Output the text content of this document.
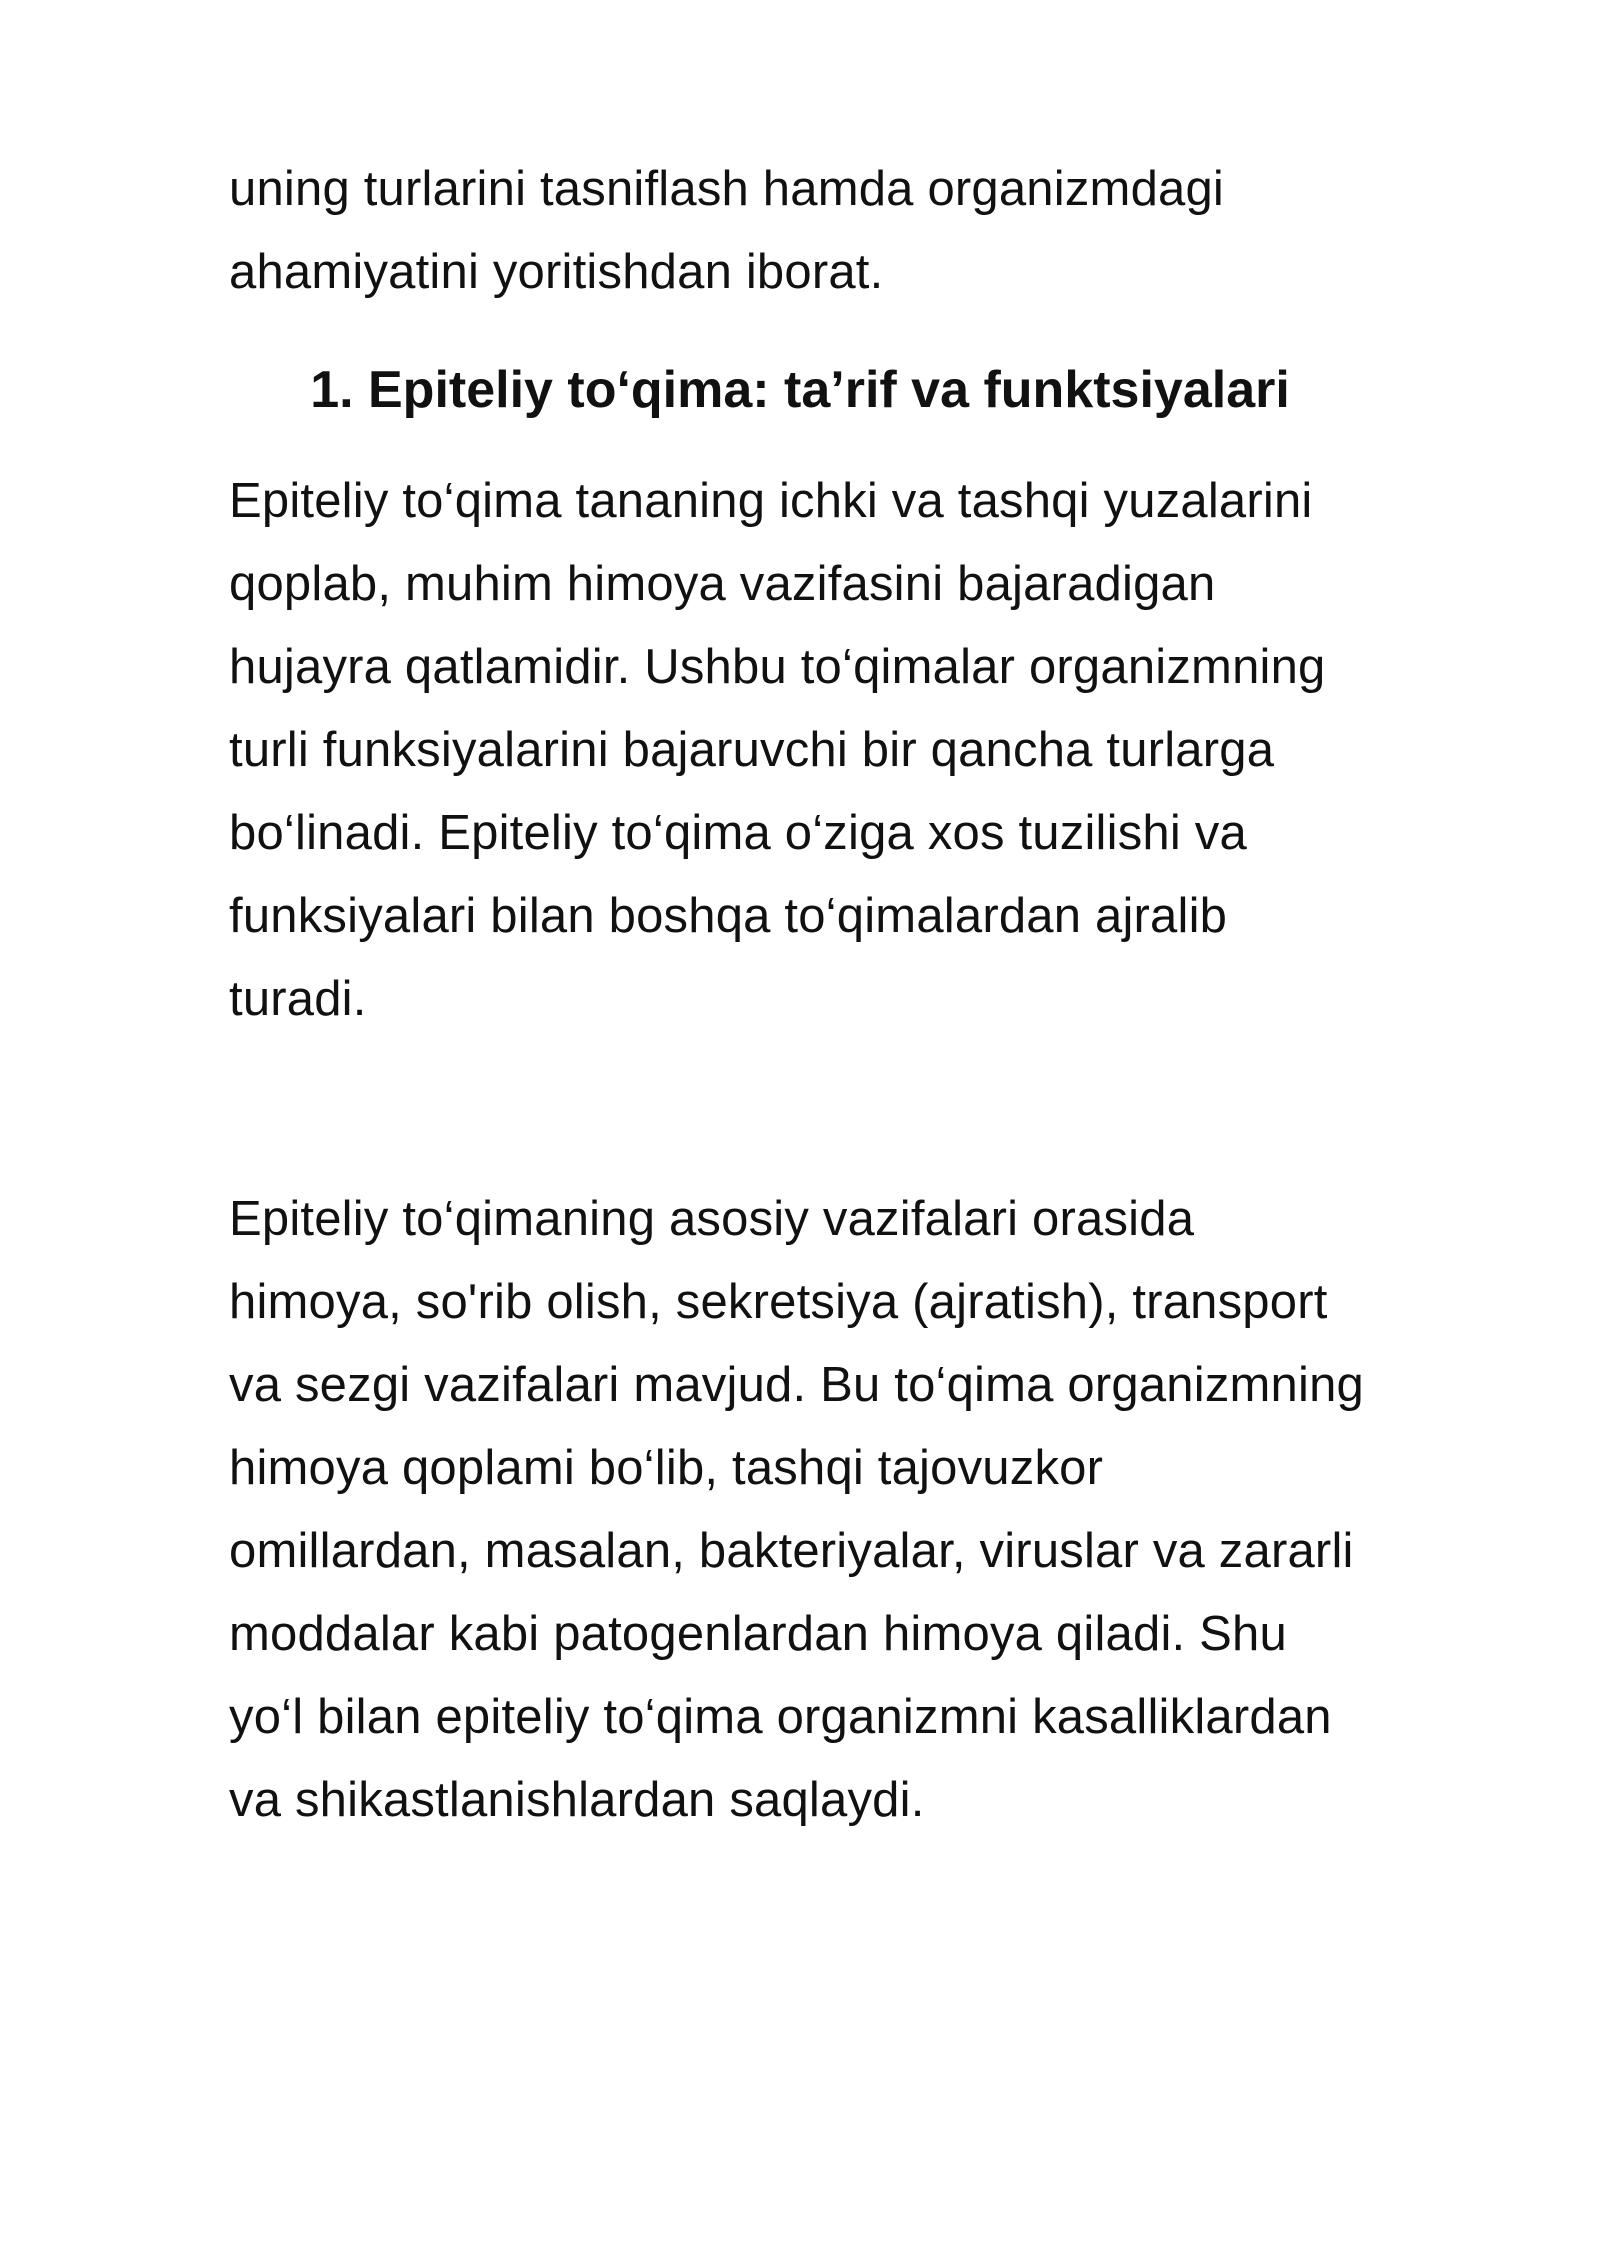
uning turlarini tasniflash hamda organizmdagi

ahamiyatini yoritishdan iborat.

1. Epiteliy to‘qima: ta’rif va funktsiyalari

Epiteliy to‘qima tananing ichki va tashqi yuzalarini

qoplab, muhim himoya vazifasini bajaradigan

hujayra qatlamidir. Ushbu to‘qimalar organizmning

turli funksiyalarini bajaruvchi bir qancha turlarga

bo‘linadi. Epiteliy to‘qima o‘ziga xos tuzilishi va

funksiyalari bilan boshqa to‘qimalardan ajralib

turadi.

Epiteliy to‘qimaning asosiy vazifalari orasida

himoya, so'rib olish, sekretsiya (ajratish), transport

va sezgi vazifalari mavjud. Bu to‘qima organizmning

himoya qoplami bo‘lib, tashqi tajovuzkor

omillardan, masalan, bakteriyalar, viruslar va zararli

moddalar kabi patogenlardan himoya qiladi. Shu

yo‘l bilan epiteliy to‘qima organizmni kasalliklardan

va shikastlanishlardan saqlaydi.
